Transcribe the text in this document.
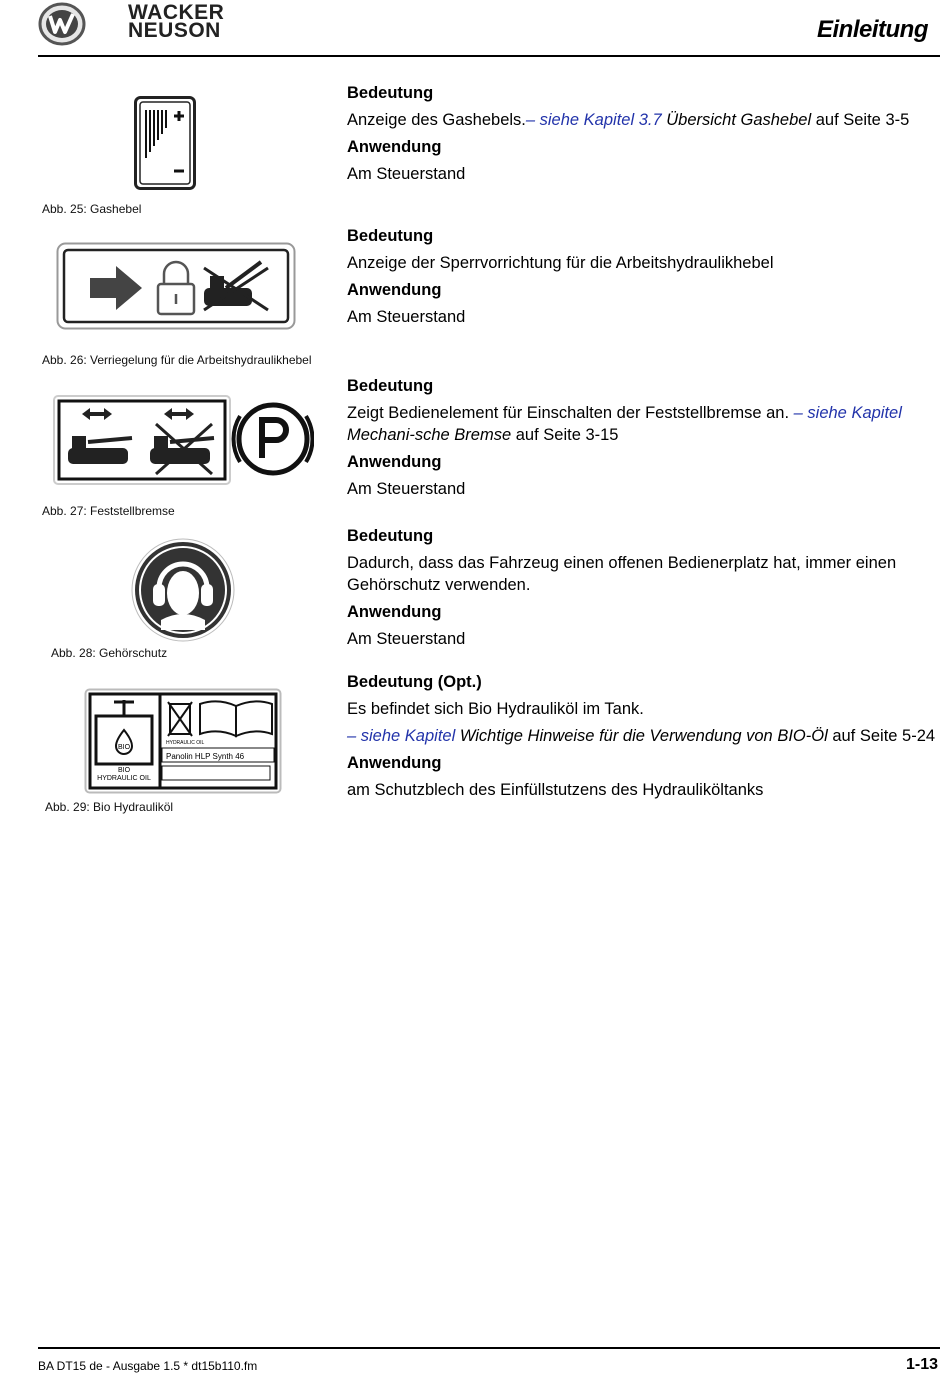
WACKER
NEUSON	Einleitung
Abb. 25: Gashebel
Abb. 26: Verriegelung für die Arbeitshydraulikhebel
Abb. 27: Feststellbremse
Abb. 28: Gehörschutz
BIO
BIO
HYDRAULIC OIL
HYDRAULIC OIL
Panolin HLP Synth 46
Abb. 29: Bio Hydrauliköl
Bedeutung
Anzeige des Gashebels.– siehe Kapitel 3.7 Übersicht Gashebel auf Seite 3-5
Anwendung
Am Steuerstand
Bedeutung
Anzeige der Sperrvorrichtung für die Arbeitshydraulikhebel
Anwendung
Am Steuerstand
Bedeutung
Zeigt Bedienelement für Einschalten der Feststellbremse an. – siehe Kapitel Mechani-sche Bremse auf Seite 3-15
Anwendung
Am Steuerstand
Bedeutung
Dadurch, dass das Fahrzeug einen offenen Bedienerplatz hat, immer einen Gehörschutz verwenden.
Anwendung
Am Steuerstand
Bedeutung (Opt.)
Es befindet sich Bio Hydrauliköl im Tank.
– siehe Kapitel Wichtige Hinweise für die Verwendung von BIO-Öl auf Seite 5-24
Anwendung
am Schutzblech des Einfüllstutzens des Hydrauliköltanks
BA DT15 de - Ausgabe 1.5 * dt15b110.fm	1-13
